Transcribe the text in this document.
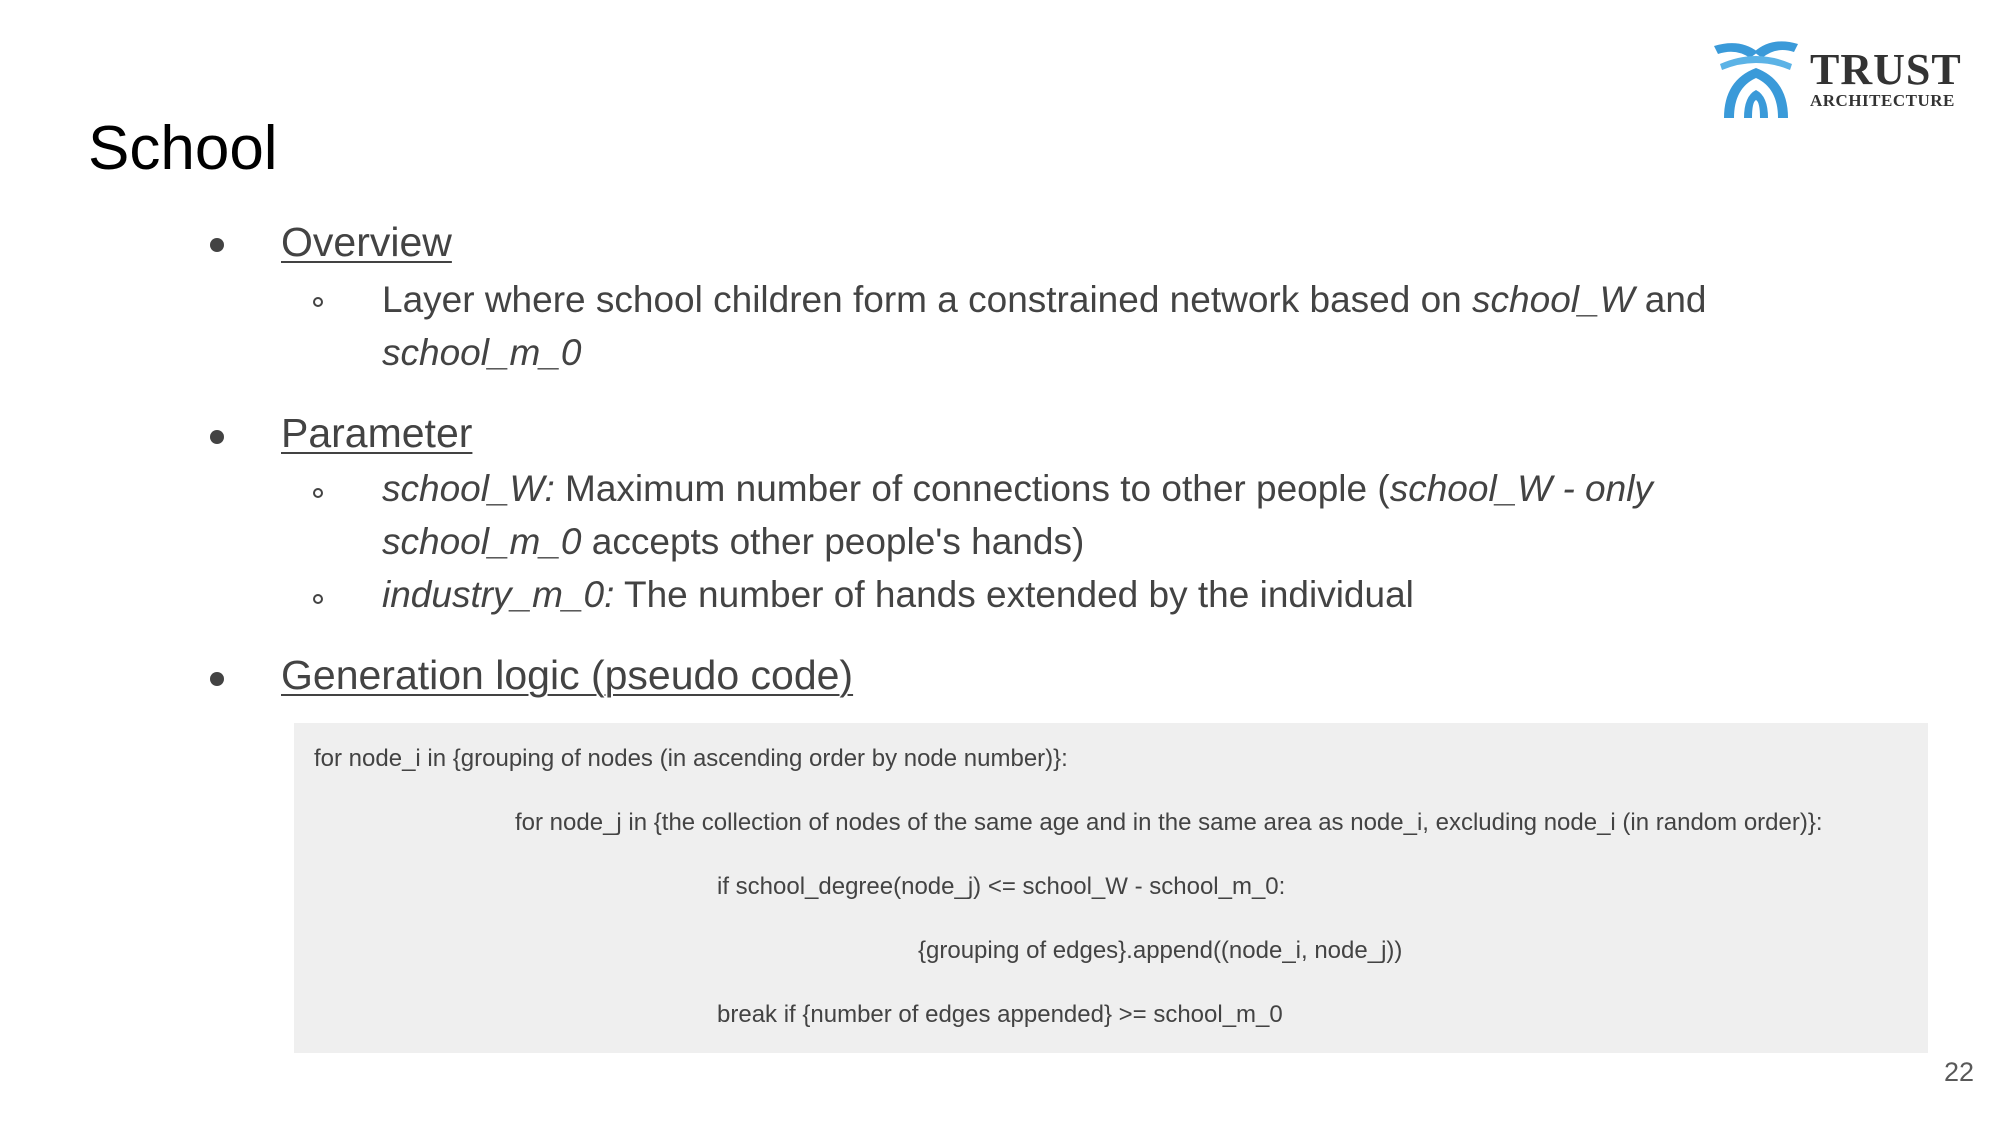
School
TRUST
ARCHITECTURE
Overview
Layer where school children form a constrained network based on school_W and
school_m_0
Parameter
school_W: Maximum number of connections to other people (school_W - only
school_m_0 accepts other people's hands)
industry_m_0: The number of hands extended by the individual
Generation logic (pseudo code)
for node_i in {grouping of nodes (in ascending order by node number)}:
for node_j in {the collection of nodes of the same age and in the same area as node_i, excluding node_i (in random order)}:
if school_degree(node_j) <= school_W - school_m_0:
{grouping of edges}.append((node_i, node_j))
break if {number of edges appended} >= school_m_0
22
